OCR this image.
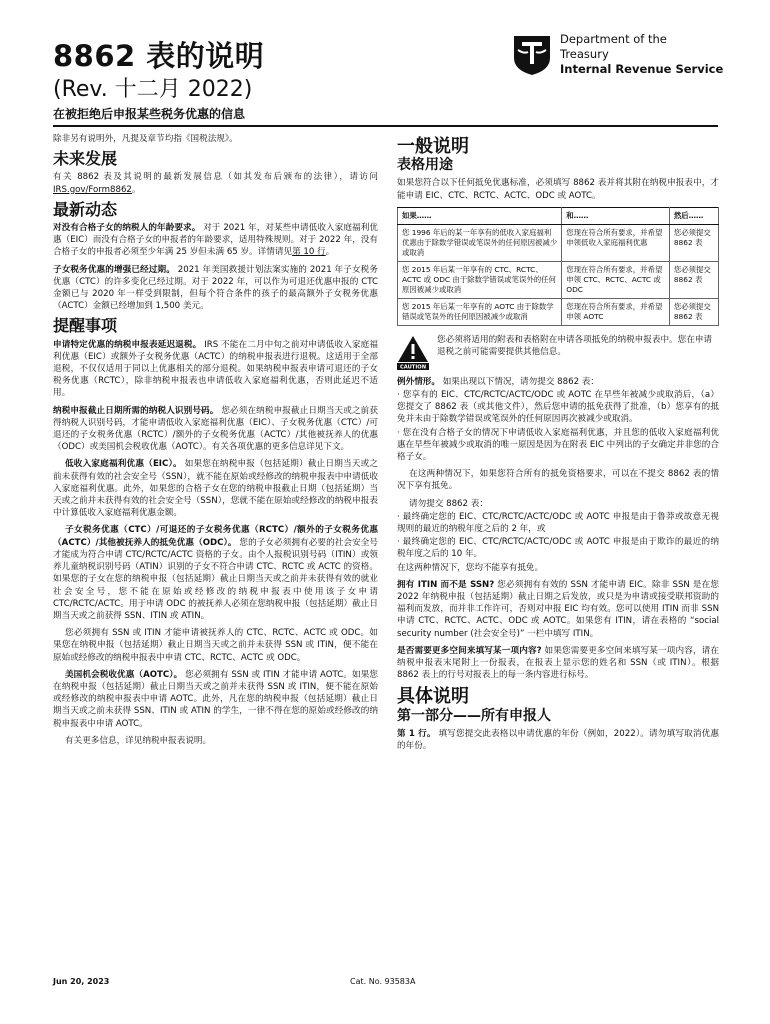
8862 表的说明
(Rev. 十二月 2022)
在被拒绝后申报某些税务优惠的信息
Department of the
Treasury
Internal Revenue Service

除非另有说明外，凡提及章节均指《国税法规》。

未来发展

有关 8862 表及其说明的最新发展信息（如其发布后颁布的法律），请访问IRS.gov/Form8862。

最新动态

对没有合格子女的纳税人的年龄要求。 对于 2021 年，对某些申请低收入家庭福利优惠（EIC）而没有合格子女的申报者的年龄要求，适用特殊规则。对于 2022 年，没有合格子女的申报者必须至少年满 25 岁但未满 65 岁。详情请见第 10 行。

子女税务优惠的增强已经过期。 2021 年美国救援计划法案实施的 2021 年子女税务优惠（CTC）的许多变化已经过期。对于 2022 年，可以作为可退还优惠申报的 CTC 金额已与 2020 年一样受到限制，但每个符合条件的孩子的最高额外子女税务优惠（ACTC）金额已经增加到 1,500 美元。

提醒事项

申请特定优惠的纳税申报表延迟退税。 IRS 不能在二月中旬之前对申请低收入家庭福利优惠（EIC）或额外子女税务优惠（ACTC）的纳税申报表进行退税。这适用于全部退税，不仅仅适用于同以上优惠相关的部分退税。如果纳税申报表申请可退还的子女税务优惠（RCTC），除非纳税申报表也申请低收入家庭福利优惠，否则此延迟不适用。

纳税申报截止日期所需的纳税人识别号码。 您必须在纳税申报截止日期当天或之前获得纳税人识别号码，才能申请低收入家庭福利优惠（EIC）、子女税务优惠（CTC）/可退还的子女税务优惠（RCTC）/额外的子女税务优惠（ACTC）/其他被抚养人的优惠（ODC）或美国机会税收优惠（AOTC）。有关各项优惠的更多信息详见下文。

低收入家庭福利优惠（EIC）。 如果您在纳税申报（包括延期）截止日期当天或之前未获得有效的社会安全号（SSN），就不能在原始或经修改的纳税申报表中申请低收入家庭福利优惠。此外，如果您的合格子女在您的纳税申报截止日期（包括延期）当天或之前并未获得有效的社会安全号（SSN），您就不能在原始或经修改的纳税申报表中计算低收入家庭福利优惠金额。

子女税务优惠（CTC）/可退还的子女税务优惠（RCTC）/额外的子女税务优惠（ACTC）/其他被抚养人的抵免优惠（ODC）。 您的子女必须拥有必要的社会安全号才能成为符合申请 CTC/RCTC/ACTC 资格的子女。由个人报税识别号码（ITIN）或领养儿童纳税识别号码（ATIN）识别的子女不符合申请 CTC、RCTC 或 ACTC 的资格。如果您的子女在您的纳税申报（包括延期）截止日期当天或之前并未获得有效的就业社会安全号，您不能在原始或经修改的纳税申报表中使用该子女申请 CTC/RCTC/ACTC。用于申请 ODC 的被抚养人必须在您纳税申报（包括延期）截止日期当天或之前获得 SSN、ITIN 或 ATIN。

您必须拥有 SSN 或 ITIN 才能申请被抚养人的 CTC、RCTC、ACTC 或 ODC。如果您在纳税申报（包括延期）截止日期当天或之前并未获得 SSN 或 ITIN，便不能在原始或经修改的纳税申报表中申请 CTC、RCTC、ACTC 或 ODC。

美国机会税收优惠（AOTC）。 您必须拥有 SSN 或 ITIN 才能申请 AOTC。如果您在纳税申报（包括延期）截止日期当天或之前并未获得 SSN 或 ITIN，便不能在原始或经修改的纳税申报表中申请 AOTC。此外，凡在您的纳税申报（包括延期）截止日期当天或之前未获得 SSN、ITIN 或 ATIN 的学生，一律不得在您的原始或经修改的纳税申报表中申请 AOTC。

有关更多信息，详见纳税申报表说明。

一般说明
表格用途

如果您符合以下任何抵免优惠标准，必须填写 8862 表并将其附在纳税申报表中，才能申请 EIC、CTC、RCTC、ACTC、ODC 或 AOTC。

如果……	和……	然后……
您 1996 年后的某一年享有的低收入家庭福利优惠由于除数学错误或笔误外的任何原因被减少或取消	您现在符合所有要求，并希望申领低收入家庭福利优惠	您必须提交 8862 表
您 2015 年后某一年享有的 CTC、RCTC、ACTC 或 ODC 由于除数学错误或笔误外的任何原因被减少或取消	您现在符合所有要求，并希望申领 CTC、RCTC、ACTC 或 ODC	您必须提交 8862 表
您 2015 年后某一年享有的 AOTC 由于除数学错误或笔误外的任何原因被减少或取消	您现在符合所有要求，并希望申领 AOTC	您必须提交 8862 表
CAUTION
您必须将适用的附表和表格附在申请各项抵免的纳税申报表中。您在申请退税之前可能需要提供其他信息。

例外情形。 如果出现以下情况，请勿提交 8862 表：

· 您享有的 EIC、CTC/RCTC/ACTC/ODC 或 AOTC 在早些年被减少或取消后，（a）您提交了 8862 表（或其他文件），然后您申请的抵免获得了批准，（b）您享有的抵免并未由于除数学错误或笔误外的任何原因再次被减少或取消。

· 您在没有合格子女的情况下申请低收入家庭福利优惠，并且您的低收入家庭福利优惠在早些年被减少或取消的唯一原因是因为在附表 EIC 中列出的子女确定并非您的合格子女。

在这两种情况下，如果您符合所有的抵免资格要求，可以在不提交 8862 表的情况下享有抵免。

请勿提交 8862 表：

· 最终确定您的 EIC、CTC/RCTC/ACTC/ODC 或 AOTC 申报是由于鲁莽或故意无视规则的最近的纳税年度之后的 2 年，或

· 最终确定您的 EIC、CTC/RCTC/ACTC/ODC 或 AOTC 申报是由于欺诈的最近的纳税年度之后的 10 年。

在这两种情况下，您均不能享有抵免。

拥有 ITIN 而不是 SSN? 您必须拥有有效的 SSN 才能申请 EIC。除非 SSN 是在您 2022 年纳税申报（包括延期）截止日期之后发放，或只是为申请或接受联邦资助的福利而发放，而并非工作许可，否则对申报 EIC 均有效。您可以使用 ITIN 而非 SSN 申请 CTC、RCTC、ACTC、ODC 或 AOTC。如果您有 ITIN，请在表格的 “social security number (社会安全号)” 一栏中填写 ITIN。

是否需要更多空间来填写某一项内容? 如果您需要更多空间来填写某一项内容，请在纳税申报表末尾附上一份报表，在报表上显示您的姓名和 SSN（或 ITIN）。根据 8862 表上的行号对报表上的每一条内容进行标号。

具体说明
第一部分——所有申报人

第 1 行。 填写您提交此表格以申请优惠的年份（例如，2022）。请勿填写取消优惠的年份。

Jun 20, 2023	Cat. No. 93583A
